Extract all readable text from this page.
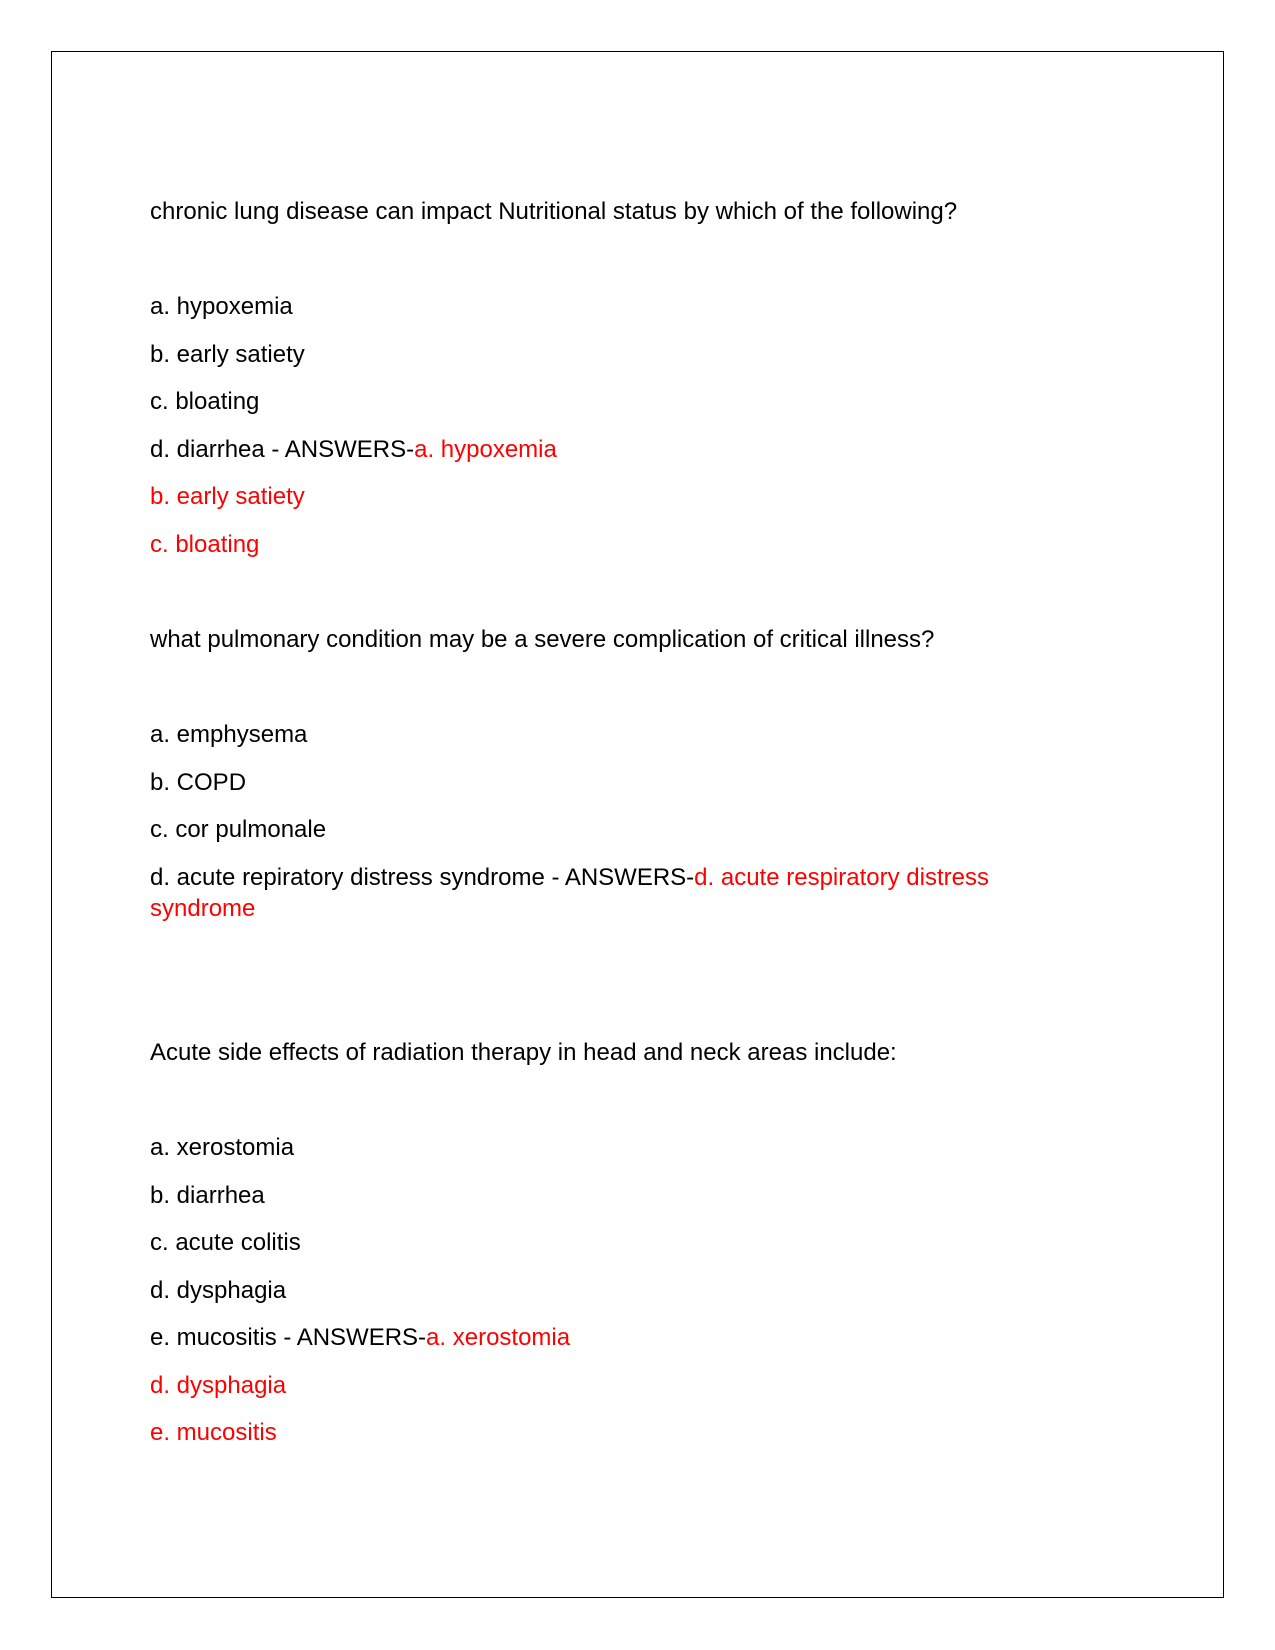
chronic lung disease can impact Nutritional status by which of the following?
a. hypoxemia
b. early satiety
c. bloating
d. diarrhea - ANSWERS-a. hypoxemia
b. early satiety
c. bloating
what pulmonary condition may be a severe complication of critical illness?
a. emphysema
b. COPD
c. cor pulmonale
d. acute repiratory distress syndrome - ANSWERS-d. acute respiratory distress
syndrome
Acute side effects of radiation therapy in head and neck areas include:
a. xerostomia
b. diarrhea
c. acute colitis
d. dysphagia
e. mucositis - ANSWERS-a. xerostomia
d. dysphagia
e. mucositis
